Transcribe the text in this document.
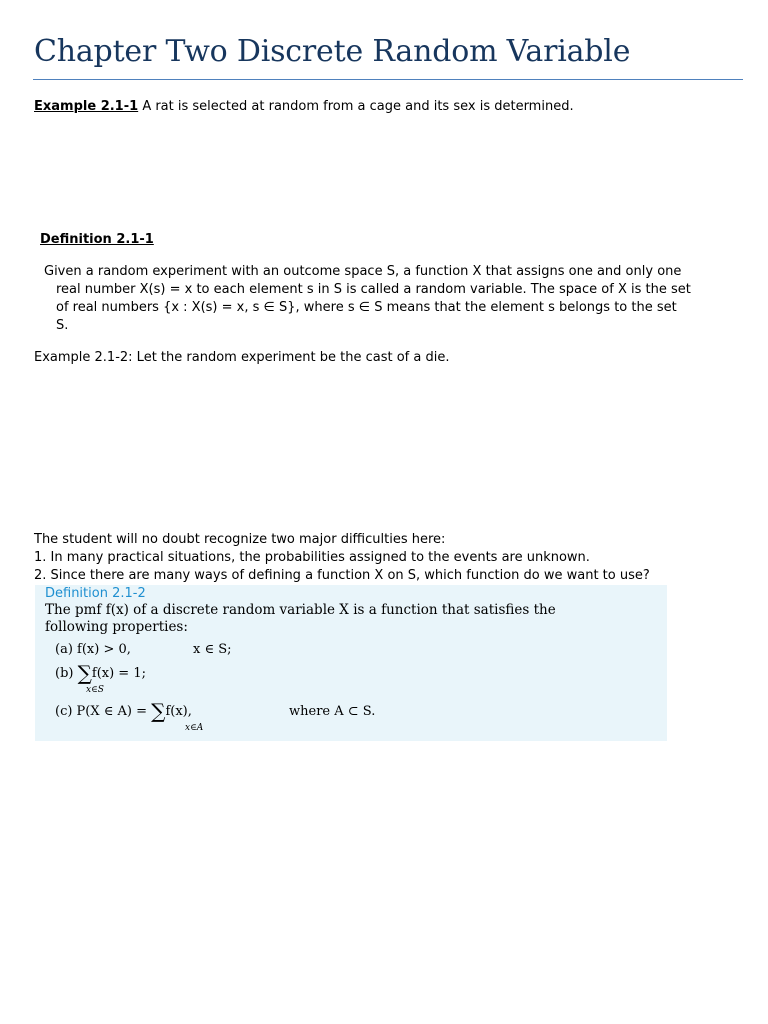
Chapter Two Discrete Random Variable
Example 2.1-1 A rat is selected at random from a cage and its sex is determined.
Definition 2.1-1
Given a random experiment with an outcome space S, a function X that assigns one and only one
real number X(s) = x to each element s in S is called a random variable. The space of X is the set
of real numbers {x : X(s) = x, s ∈ S}, where s ∈ S means that the element s belongs to the set
S.
Example 2.1-2: Let the random experiment be the cast of a die.
The student will no doubt recognize two major difficulties here:
1. In many practical situations, the probabilities assigned to the events are unknown.
2. Since there are many ways of defining a function X on S, which function do we want to use?
Definition 2.1-2
The pmf f(x) of a discrete random variable X is a function that satisfies the
following properties:
(a) f(x) > 0,	x ∈ S;
(b) ∑f(x) = 1;
x∈S
(c) P(X ∈ A) = ∑f(x),
x∈A
where A ⊂ S.
